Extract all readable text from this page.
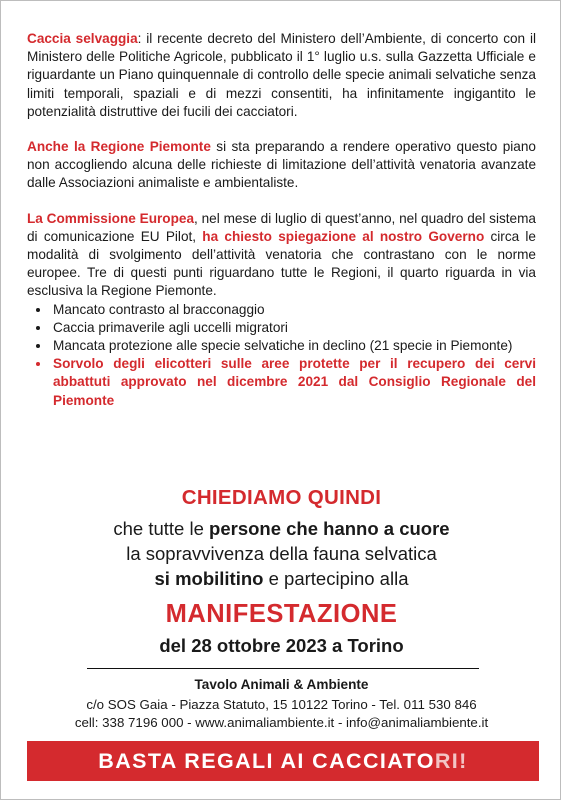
Caccia selvaggia: il recente decreto del Ministero dell’Ambiente, di concerto con il Ministero delle Politiche Agricole, pubblicato il 1° luglio u.s. sulla Gazzetta Ufficiale e riguardante un Piano quinquennale di controllo delle specie animali selvatiche senza limiti temporali, spaziali e di mezzi consentiti, ha infinitamente ingigantito le potenzialità distruttive dei fucili dei cacciatori.

Anche la Regione Piemonte si sta preparando a rendere operativo questo piano non accogliendo alcuna delle richieste di limitazione dell’attività venatoria avanzate dalle Associazioni animaliste e ambientaliste.

La Commissione Europea, nel mese di luglio di quest’anno, nel quadro del sistema di comunicazione EU Pilot, ha chiesto spiegazione al nostro Governo circa le modalità di svolgimento dell’attività venatoria che contrastano con le norme europee. Tre di questi punti riguardano tutte le Regioni, il quarto riguarda in via esclusiva la Regione Piemonte.

• Mancato contrasto al bracconaggio
• Caccia primaverile agli uccelli migratori
• Mancata protezione alle specie selvatiche in declino (21 specie in Piemonte)
• Sorvolo degli elicotteri sulle aree protette per il recupero dei cervi abbattuti approvato nel dicembre 2021 dal Consiglio Regionale del Piemonte

CHIEDIAMO QUINDI

che tutte le persone che hanno a cuore

la sopravvivenza della fauna selvatica

si mobilitino e partecipino alla

MANIFESTAZIONE

del 28 ottobre 2023 a Torino

Tavolo Animali & Ambiente

c/o SOS Gaia - Piazza Statuto, 15 10122 Torino - Tel. 011 530 846

cell: 338 7196 000 - www.animaliambiente.it - info@animaliambiente.it

BASTA REGALI AI CACCIATORI!
